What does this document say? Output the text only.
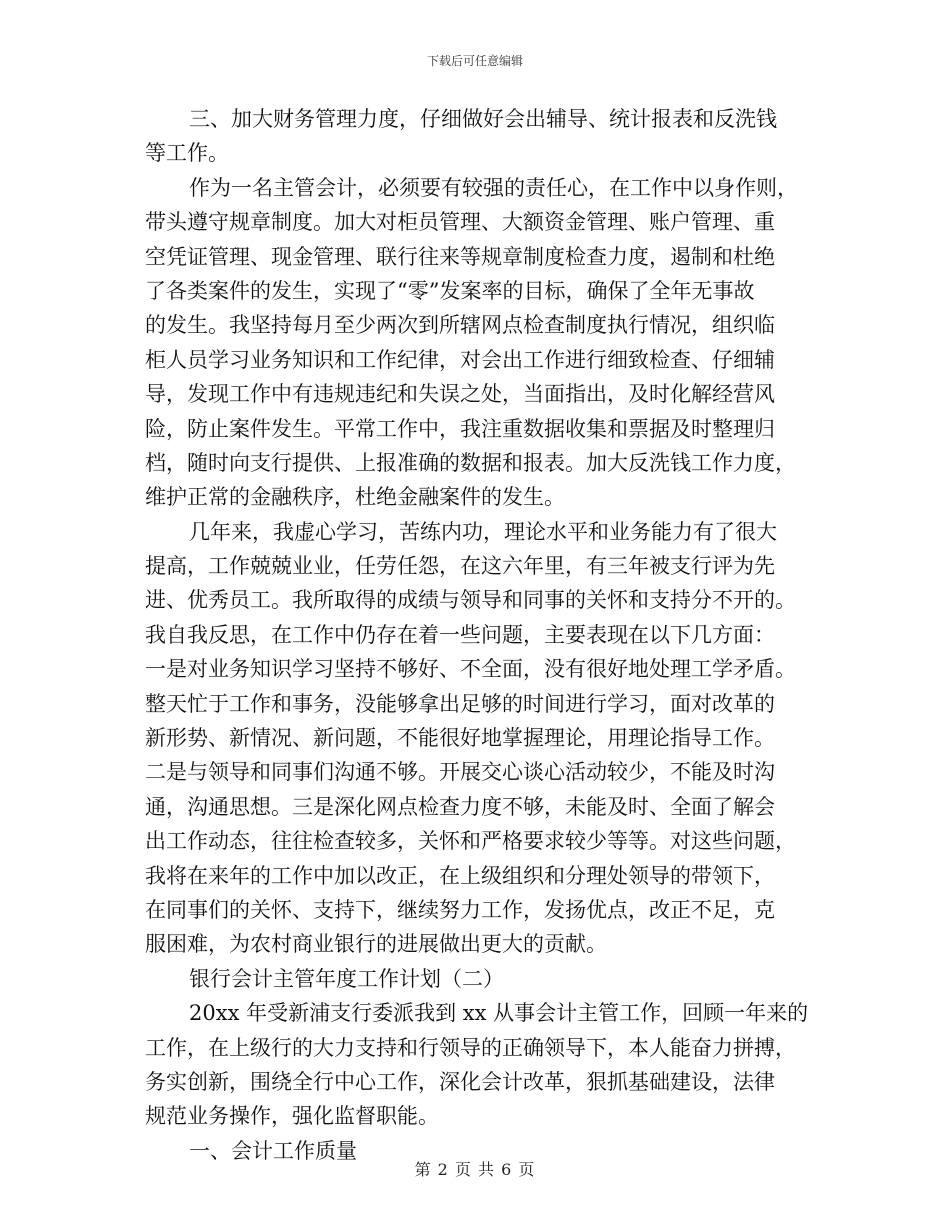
下载后可任意编辑
三、加大财务管理力度，仔细做好会出辅导、统计报表和反洗钱
等工作。
作为一名主管会计，必须要有较强的责任心，在工作中以身作则，
带头遵守规章制度。加大对柜员管理、大额资金管理、账户管理、重
空凭证管理、现金管理、联行往来等规章制度检查力度，遏制和杜绝
了各类案件的发生，实现了“零”发案率的目标，确保了全年无事故
的发生。我坚持每月至少两次到所辖网点检查制度执行情况，组织临
柜人员学习业务知识和工作纪律，对会出工作进行细致检查、仔细辅
导，发现工作中有违规违纪和失误之处，当面指出，及时化解经营风
险，防止案件发生。平常工作中，我注重数据收集和票据及时整理归
档，随时向支行提供、上报准确的数据和报表。加大反洗钱工作力度，
维护正常的金融秩序，杜绝金融案件的发生。
几年来，我虚心学习，苦练内功，理论水平和业务能力有了很大
提高，工作兢兢业业，任劳任怨，在这六年里，有三年被支行评为先
进、优秀员工。我所取得的成绩与领导和同事的关怀和支持分不开的。
我自我反思，在工作中仍存在着一些问题，主要表现在以下几方面：
一是对业务知识学习坚持不够好、不全面，没有很好地处理工学矛盾。
整天忙于工作和事务，没能够拿出足够的时间进行学习，面对改革的
新形势、新情况、新问题，不能很好地掌握理论，用理论指导工作。
二是与领导和同事们沟通不够。开展交心谈心活动较少，不能及时沟
通，沟通思想。三是深化网点检查力度不够，未能及时、全面了解会
出工作动态，往往检查较多，关怀和严格要求较少等等。对这些问题，
我将在来年的工作中加以改正，在上级组织和分理处领导的带领下，
在同事们的关怀、支持下，继续努力工作，发扬优点，改正不足，克
服困难，为农村商业银行的进展做出更大的贡献。
银行会计主管年度工作计划（二）
20xx 年受新浦支行委派我到 xx 从事会计主管工作，回顾一年来的
工作，在上级行的大力支持和行领导的正确领导下，本人能奋力拼搏，
务实创新，围绕全行中心工作，深化会计改革，狠抓基础建设，法律
规范业务操作，强化监督职能。
一、会计工作质量
第 2 页 共 6 页
